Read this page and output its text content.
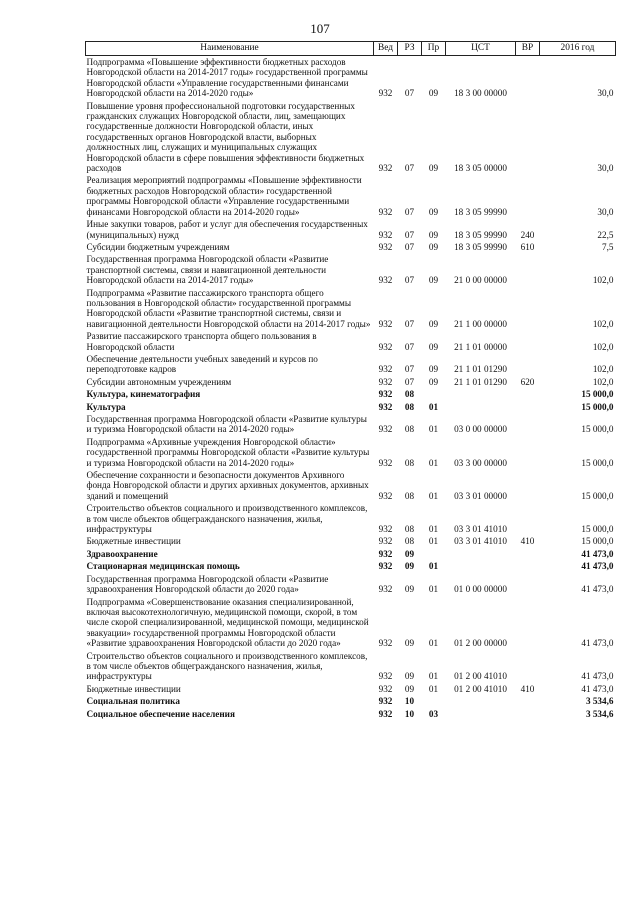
107
Наименование	Вед	РЗ	Пр	ЦСТ	ВР	2016 год
Подпрограмма «Повышение эффективности бюджетных расходов Новгородской области на 2014-2017 годы» государственной программы Новгородской области «Управление государственными финансами Новгородской области на 2014-2020 годы»	932	07	09	18 3 00 00000		30,0
Повышение уровня профессиональной подготовки государственных гражданских служащих Новгородской области, лиц, замещающих государственные должности Новгородской области, иных государственных органов Новгородской власти, выборных должностных лиц, служащих и муниципальных служащих Новгородской области в сфере повышения эффективности бюджетных расходов	932	07	09	18 3 05 00000		30,0
Реализация мероприятий подпрограммы «Повышение эффективности бюджетных расходов Новгородской области» государственной программы Новгородской области «Управление государственными финансами Новгородской области на 2014-2020 годы»	932	07	09	18 3 05 99990		30,0
Иные закупки товаров, работ и услуг для обеспечения государственных (муниципальных) нужд	932	07	09	18 3 05 99990	240	22,5
Субсидии бюджетным учреждениям	932	07	09	18 3 05 99990	610	7,5
Государственная программа Новгородской области «Развитие транспортной системы, связи и навигационной деятельности Новгородской области на 2014-2017 годы»	932	07	09	21 0 00 00000		102,0
Подпрограмма «Развитие пассажирского транспорта общего пользования в Новгородской области» государственной программы Новгородской области «Развитие транспортной системы, связи и навигационной деятельности Новгородской области на 2014-2017 годы»	932	07	09	21 1 00 00000		102,0
Развитие пассажирского транспорта общего пользования в Новгородской области	932	07	09	21 1 01 00000		102,0
Обеспечение деятельности учебных заведений и курсов по переподготовке кадров	932	07	09	21 1 01 01290		102,0
Субсидии автономным учреждениям	932	07	09	21 1 01 01290	620	102,0
Культура, кинематография	932	08				15 000,0
Культура	932	08	01			15 000,0
Государственная программа Новгородской области «Развитие культуры и туризма Новгородской области на 2014-2020 годы»	932	08	01	03 0 00 00000		15 000,0
Подпрограмма «Архивные учреждения Новгородской области» государственной программы Новгородской области «Развитие культуры и туризма Новгородской области на 2014-2020 годы»	932	08	01	03 3 00 00000		15 000,0
Обеспечение сохранности и безопасности документов Архивного фонда Новгородской области и других архивных документов, архивных зданий и помещений	932	08	01	03 3 01 00000		15 000,0
Строительство объектов социального и производственного комплексов, в том числе объектов общегражданского назначения, жилья, инфраструктуры	932	08	01	03 3 01 41010		15 000,0
Бюджетные инвестиции	932	08	01	03 3 01 41010	410	15 000,0
Здравоохранение	932	09				41 473,0
Стационарная медицинская помощь	932	09	01			41 473,0
Государственная программа Новгородской области «Развитие здравоохранения Новгородской области до 2020 года»	932	09	01	01 0 00 00000		41 473,0
Подпрограмма «Совершенствование оказания специализированной, включая высокотехнологичную, медицинской помощи, скорой, в том числе скорой специализированной, медицинской помощи, медицинской эвакуации» государственной программы Новгородской области «Развитие здравоохранения Новгородской области до 2020 года»	932	09	01	01 2 00 00000		41 473,0
Строительство объектов социального и производственного комплексов, в том числе объектов общегражданского назначения, жилья, инфраструктуры	932	09	01	01 2 00 41010		41 473,0
Бюджетные инвестиции	932	09	01	01 2 00 41010	410	41 473,0
Социальная политика	932	10				3 534,6
Социальное обеспечение населения	932	10	03			3 534,6
